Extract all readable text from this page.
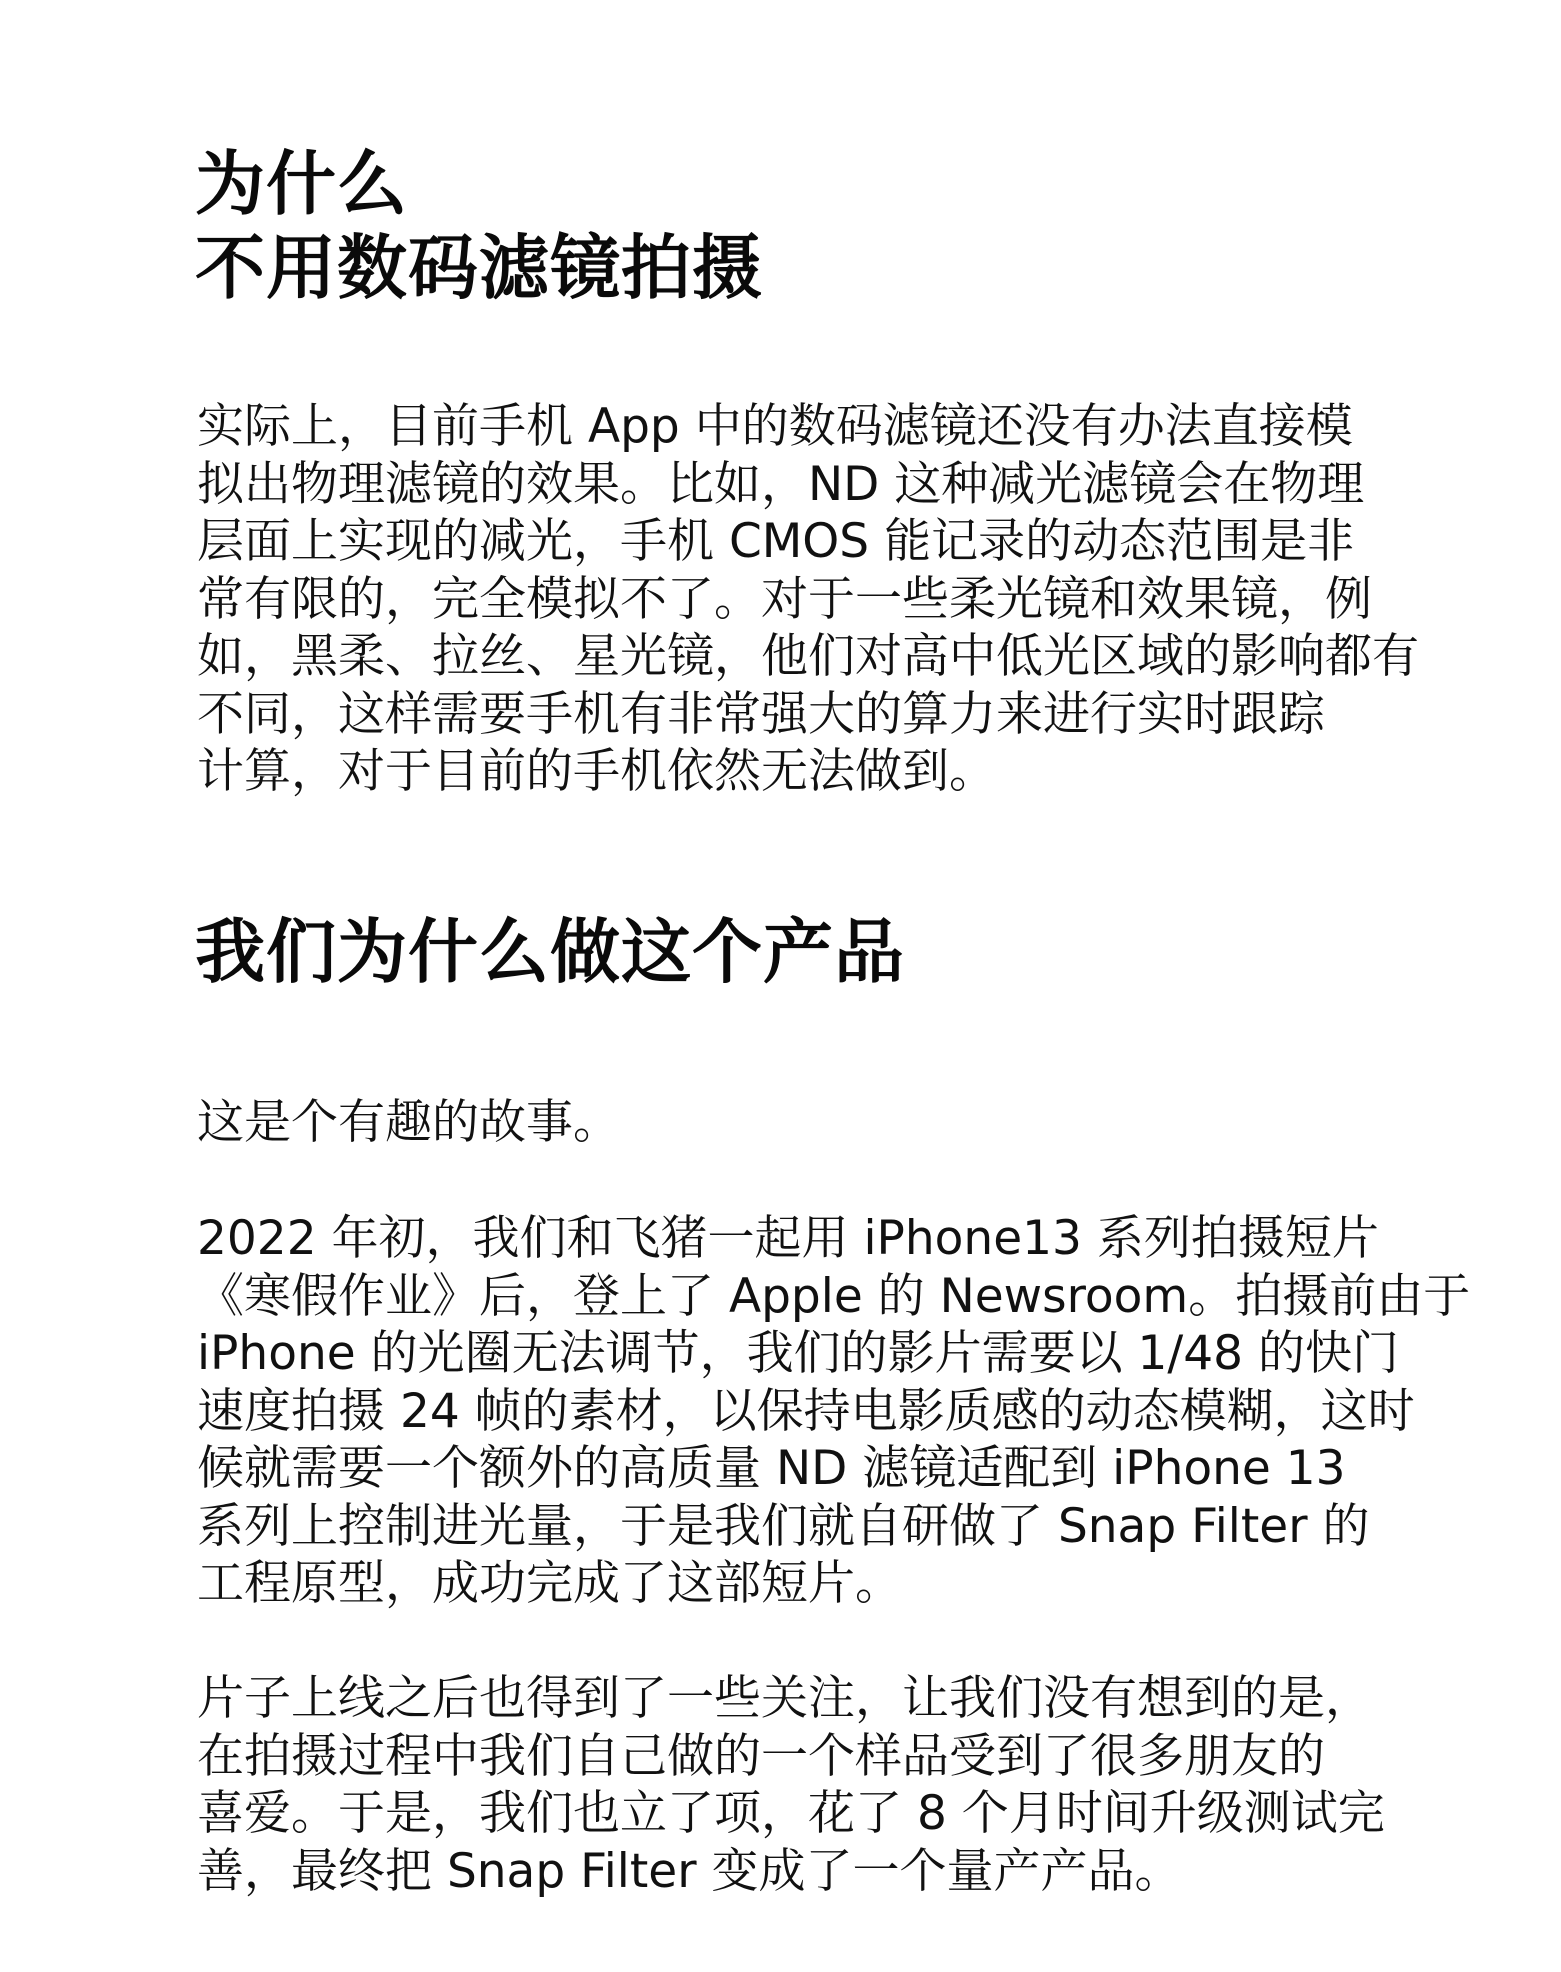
为什么
不用数码滤镜拍摄

实际上，目前手机 App 中的数码滤镜还没有办法直接模
拟出物理滤镜的效果。比如，ND 这种减光滤镜会在物理
层面上实现的减光，手机 CMOS 能记录的动态范围是非
常有限的，完全模拟不了。对于一些柔光镜和效果镜，例
如，黑柔、拉丝、星光镜，他们对高中低光区域的影响都有
不同，这样需要手机有非常强大的算力来进行实时跟踪
计算，对于目前的手机依然无法做到。

我们为什么做这个产品

这是个有趣的故事。

2022 年初，我们和飞猪一起用 iPhone13 系列拍摄短片
《寒假作业》后，登上了 Apple 的 Newsroom。拍摄前由于
iPhone 的光圈无法调节，我们的影片需要以 1/48 的快门
速度拍摄 24 帧的素材，以保持电影质感的动态模糊，这时
候就需要一个额外的高质量 ND 滤镜适配到 iPhone 13
系列上控制进光量，于是我们就自研做了 Snap Filter 的
工程原型，成功完成了这部短片。

片子上线之后也得到了一些关注，让我们没有想到的是，
在拍摄过程中我们自己做的一个样品受到了很多朋友的
喜爱。于是，我们也立了项，花了 8 个月时间升级测试完
善，最终把 Snap Filter 变成了一个量产产品。
